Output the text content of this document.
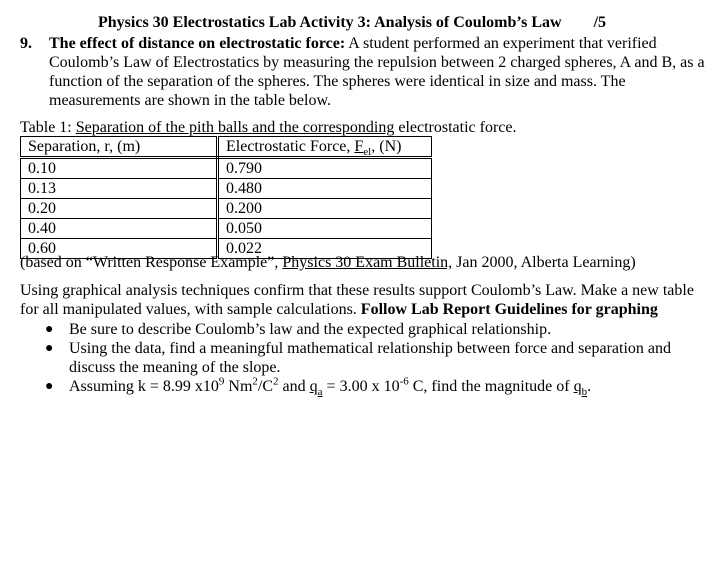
Physics 30 Electrostatics Lab Activity 3: Analysis of Coulomb’s Law /5
9. The effect of distance on electrostatic force: A student performed an experiment that verified Coulomb’s Law of Electrostatics by measuring the repulsion between 2 charged spheres, A and B, as a function of the separation of the spheres. The spheres were identical in size and mass. The measurements are shown in the table below.
Table 1: Separation of the pith balls and the corresponding electrostatic force.
Separation, r, (m)	Electrostatic Force, $F_{el}$, (N)
0.10	0.790
0.13	0.480
0.20	0.200
0.40	0.050
0.60	0.022
(based on “Written Response Example”, Physics 30 Exam Bulletin, Jan 2000, Alberta Learning)
Using graphical analysis techniques confirm that these results support Coulomb’s Law. Make a new table
for all manipulated values, with sample calculations. Follow Lab Report Guidelines for graphing
● Be sure to describe Coulomb’s law and the expected graphical relationship.
● Using the data, find a meaningful mathematical relationship between force and separation and discuss the meaning of the slope.
● Assuming k = 8.99 $x10^9$ $Nm^2/C^2$ and $q_a = 3.00$ x $10^{-6}$ C, find the magnitude of $q_b$.
